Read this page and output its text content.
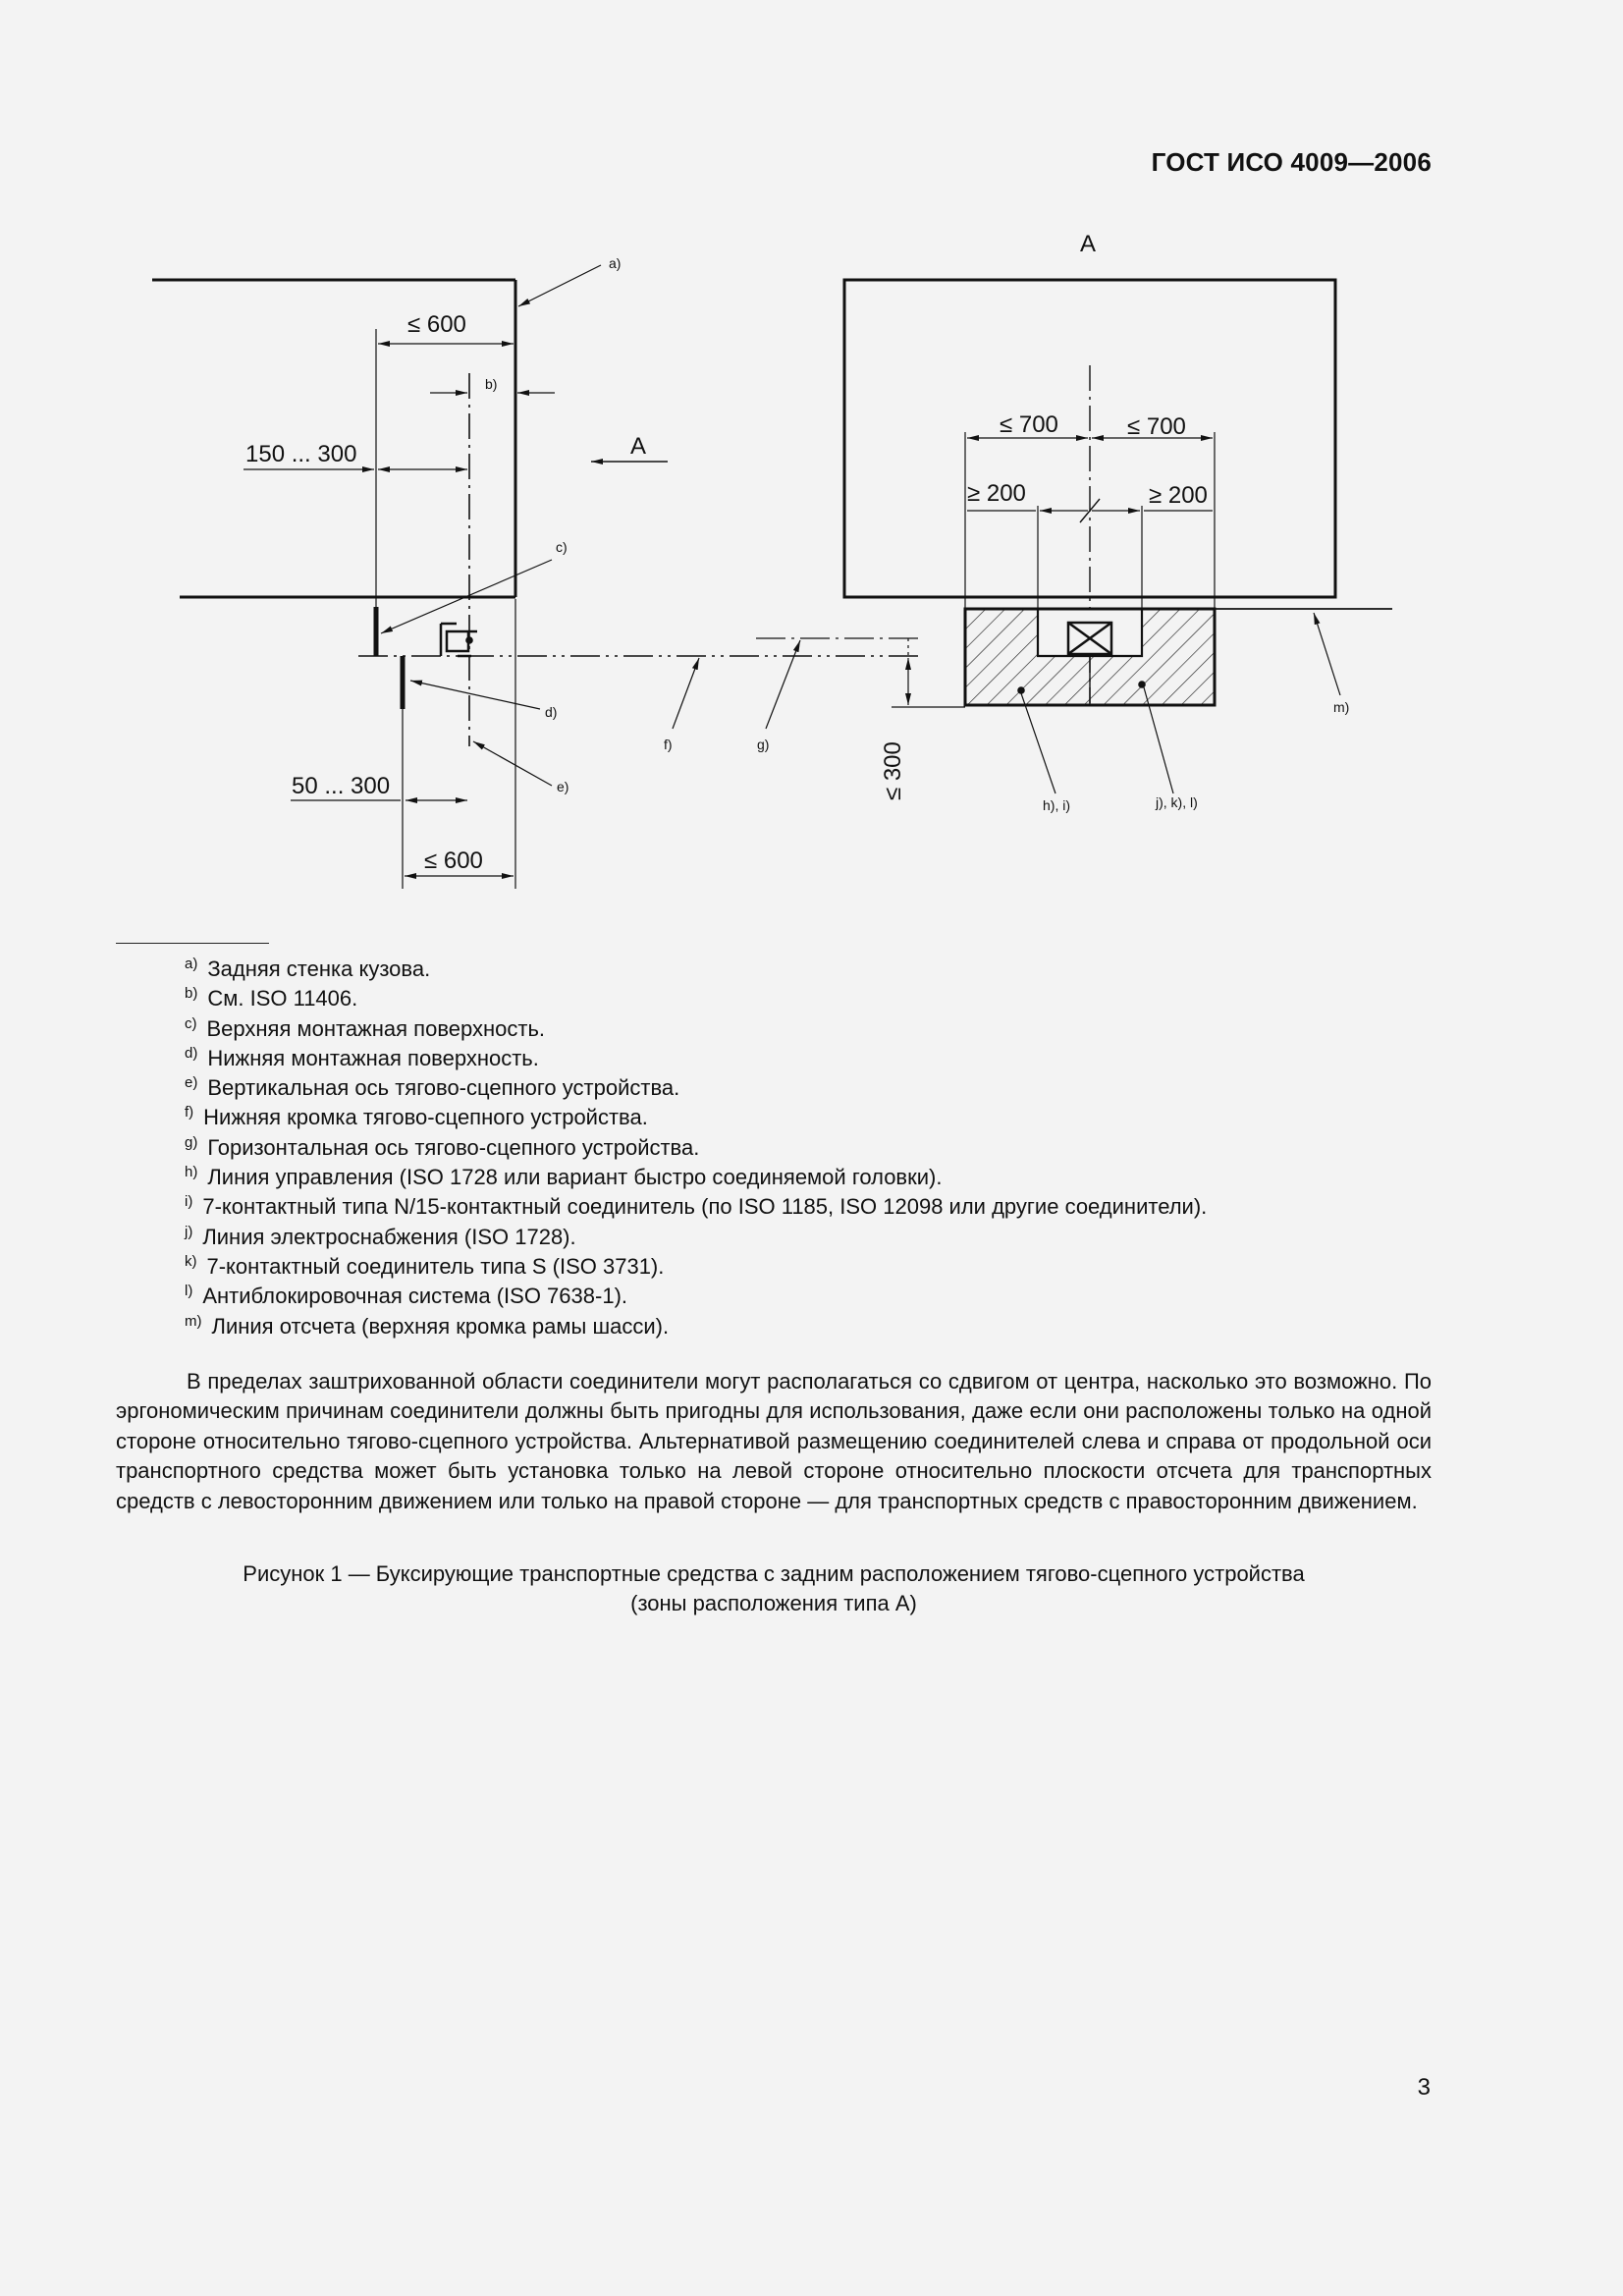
ГОСТ ИСО 4009—2006
≤ 600
b)
150 ... 300	A
a)
c)
d)
e)
f)	g)
50 ... 300
≤ 600
A
≤ 700	≤ 700
≥ 200	≥ 200
≤ 300
h), i)	j), k), l)
m)
$^{a)}$ Задняя стенка кузова.
$^{b)}$ См. ISO 11406.
$^{c)}$ Верхняя монтажная поверхность.
$^{d)}$ Нижняя монтажная поверхность.
$^{e)}$ Вертикальная ось тягово-сцепного устройства.
$^{f)}$ Нижняя кромка тягово-сцепного устройства.
$^{g)}$ Горизонтальная ось тягово-сцепного устройства.
$^{h)}$ Линия управления (ISO 1728 или вариант быстро соединяемой головки).
$^{i)}$ 7-контактный типа N/15-контактный соединитель (по ISO 1185, ISO 12098 или другие соединители).
$^{j)}$ Линия электроснабжения (ISO 1728).
$^{k)}$ 7-контактный соединитель типа S (ISO 3731).
$^{l)}$ Антиблокировочная система (ISO 7638-1).
$^{m)}$ Линия отсчета (верхняя кромка рамы шасси).

В пределах заштрихованной области соединители могут располагаться со сдвигом от центра, насколько это возможно. По эргономическим причинам соединители должны быть пригодны для использования, даже если они расположены только на одной стороне относительно тягово-сцепного устройства. Альтернативой размещению соединителей слева и справа от продольной оси транспортного средства может быть установка только на левой стороне относительно плоскости отсчета для транспортных средств с левосторонним движением или только на правой стороне — для транспортных средств с правосторонним движением.

Рисунок 1 — Буксирующие транспортные средства с задним расположением тягово-сцепного устройства
(зоны расположения типа А)
3
